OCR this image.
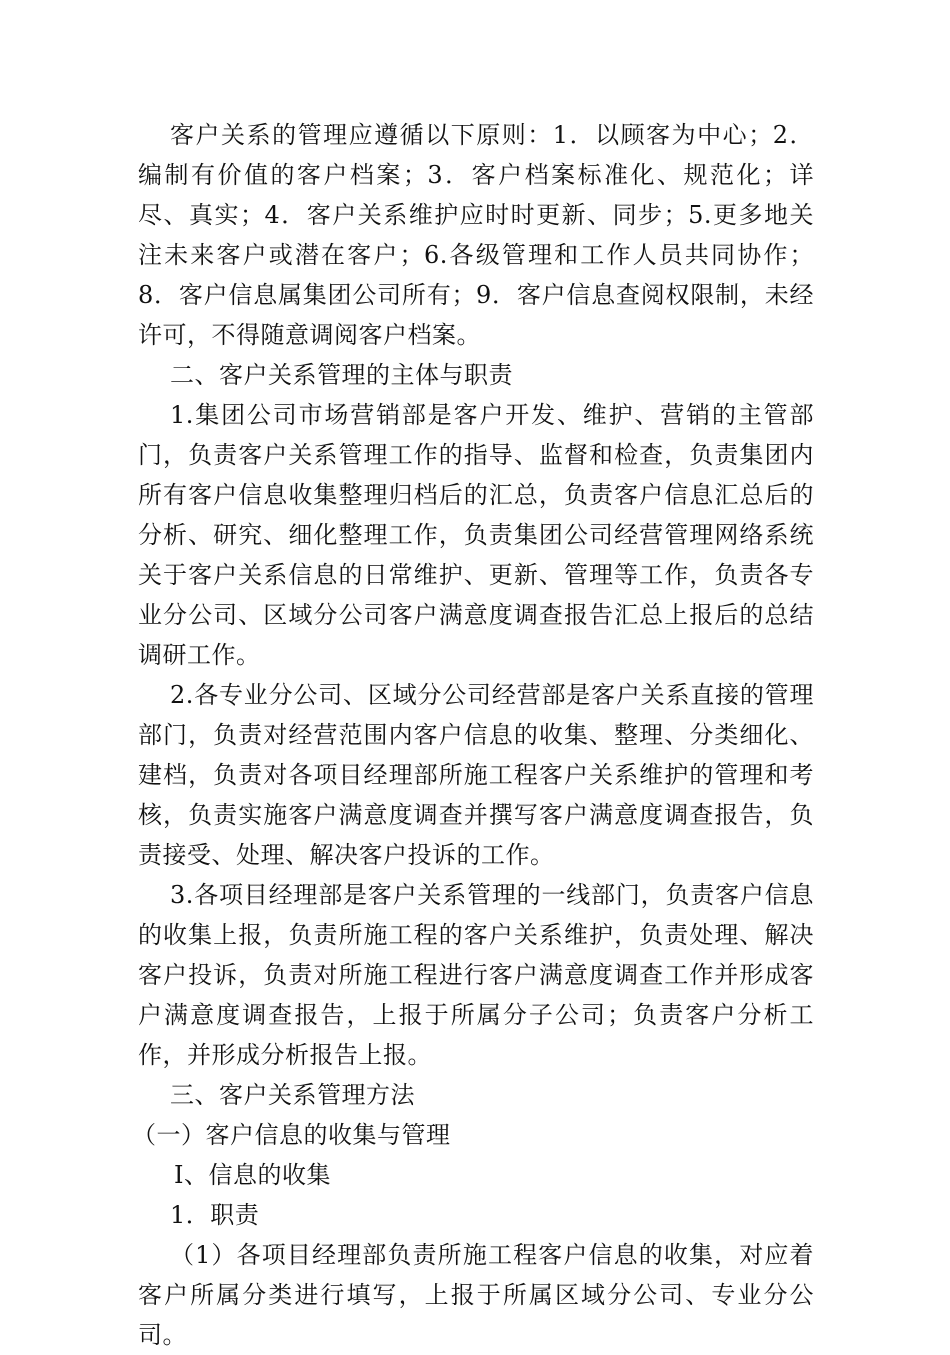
客户关系的管理应遵循以下原则：1．以顾客为中心；2．编制有价值的客户档案；3．客户档案标准化、规范化；详尽、真实；4．客户关系维护应时时更新、同步；5.更多地关注未来客户或潜在客户；6.各级管理和工作人员共同协作；8．客户信息属集团公司所有；9．客户信息查阅权限制，未经许可，不得随意调阅客户档案。

二、客户关系管理的主体与职责

1.集团公司市场营销部是客户开发、维护、营销的主管部门，负责客户关系管理工作的指导、监督和检查，负责集团内所有客户信息收集整理归档后的汇总，负责客户信息汇总后的分析、研究、细化整理工作，负责集团公司经营管理网络系统关于客户关系信息的日常维护、更新、管理等工作，负责各专业分公司、区域分公司客户满意度调查报告汇总上报后的总结调研工作。

2.各专业分公司、区域分公司经营部是客户关系直接的管理部门，负责对经营范围内客户信息的收集、整理、分类细化、建档，负责对各项目经理部所施工程客户关系维护的管理和考核，负责实施客户满意度调查并撰写客户满意度调查报告，负责接受、处理、解决客户投诉的工作。

3.各项目经理部是客户关系管理的一线部门，负责客户信息的收集上报，负责所施工程的客户关系维护，负责处理、解决客户投诉，负责对所施工程进行客户满意度调查工作并形成客户满意度调查报告，上报于所属分子公司；负责客户分析工作，并形成分析报告上报。

三、客户关系管理方法

（一）客户信息的收集与管理

Ⅰ、信息的收集

1．职责

（1）各项目经理部负责所施工程客户信息的收集，对应着客户所属分类进行填写，上报于所属区域分公司、专业分公司。
